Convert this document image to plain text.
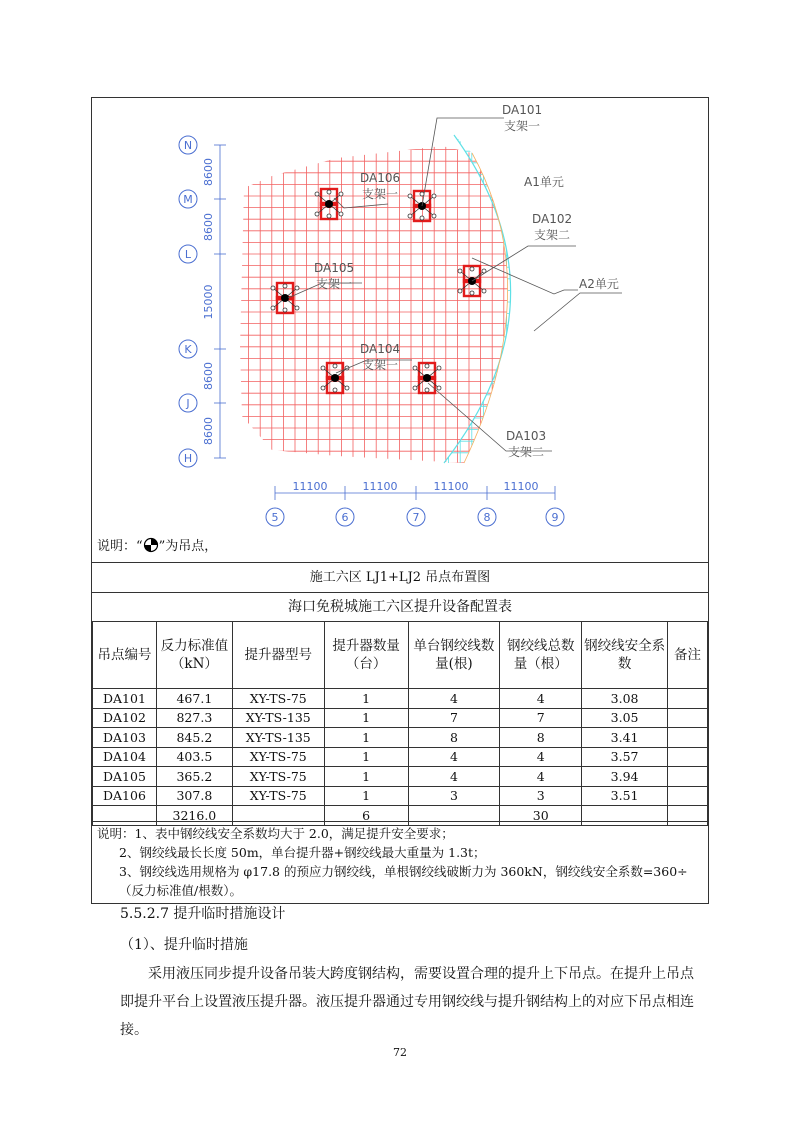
N
M
L
K
J
H
5	6	7	8	9
8600
8600
15000
8600
8600
11100	11100	11100	11100
DA101
支架一
A1单元
DA102
支架二
A2单元
DA106
支架一
DA105
支架一
DA104
支架一
DA103
支架二
说明：“ ”为吊点，
施工六区 LJ1+LJ2 吊点布置图
海口免税城施工六区提升设备配置表
吊点编号	反力标准值（kN）	提升器型号	提升器数量（台）	单台钢绞线数量(根)	钢绞线总数量（根）	钢绞线安全系数	备注
DA101	467.1	XY-TS-75	1	4	4	3.08	
DA102	827.3	XY-TS-135	1	7	7	3.05	
DA103	845.2	XY-TS-135	1	8	8	3.41	
DA104	403.5	XY-TS-75	1	4	4	3.57	
DA105	365.2	XY-TS-75	1	4	4	3.94	
DA106	307.8	XY-TS-75	1	3	3	3.51	
	3216.0		6		30		

说明：1、表中钢绞线安全系数均大于 2.0，满足提升安全要求；

2、钢绞线最长长度 50m，单台提升器+钢绞线最大重量为 1.3t；

3、钢绞线选用规格为 φ17.8 的预应力钢绞线，单根钢绞线破断力为 360kN，钢绞线安全系数=360÷（反力标准值/根数）。

5.5.2.7 提升临时措施设计
（1）、提升临时措施
采用液压同步提升设备吊装大跨度钢结构，需要设置合理的提升上下吊点。在提升上吊点即提升平台上设置液压提升器。液压提升器通过专用钢绞线与提升钢结构上的对应下吊点相连接。
72
